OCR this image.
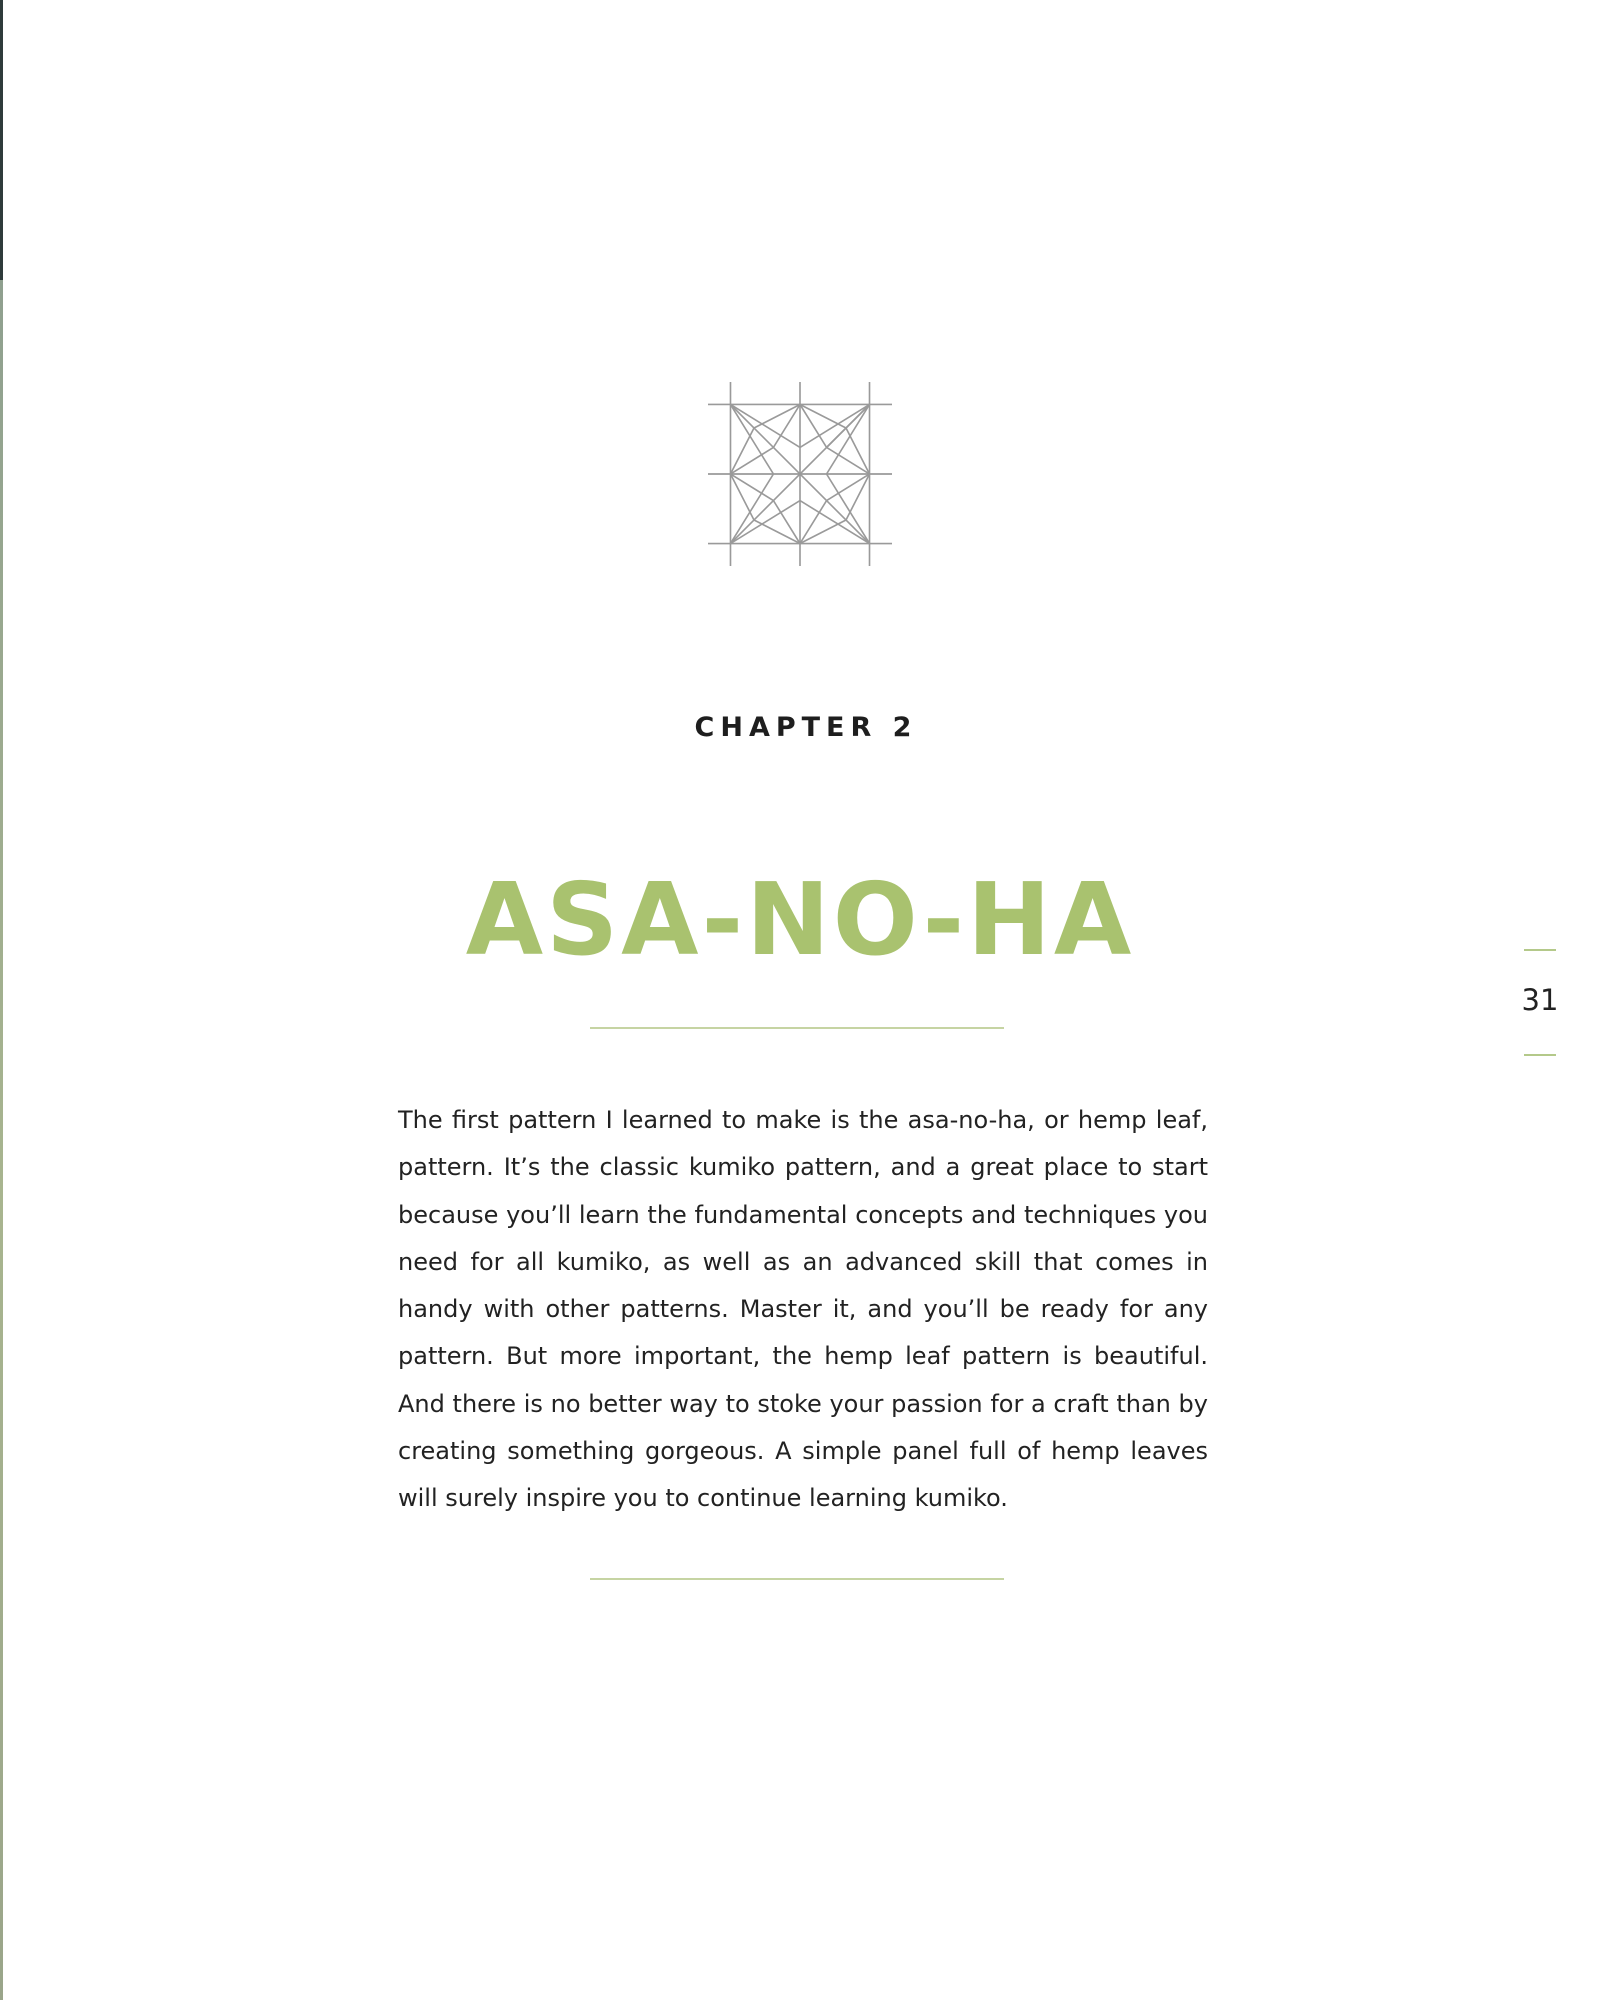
CHAPTER 2
ASA-NO-HA

The first pattern I learned to make is the asa-no-ha, or hemp leaf, pattern. It’s the classic kumiko pattern, and a great place to start because you’ll learn the fundamental concepts and techniques you need for all kumiko, as well as an advanced skill that comes in handy with other patterns. Master it, and you’ll be ready for any pattern. But more important, the hemp leaf pattern is beautiful. And there is no better way to stoke your passion for a craft than by creating something gorgeous. A simple panel full of hemp leaves will surely inspire you to continue learning kumiko.

31
